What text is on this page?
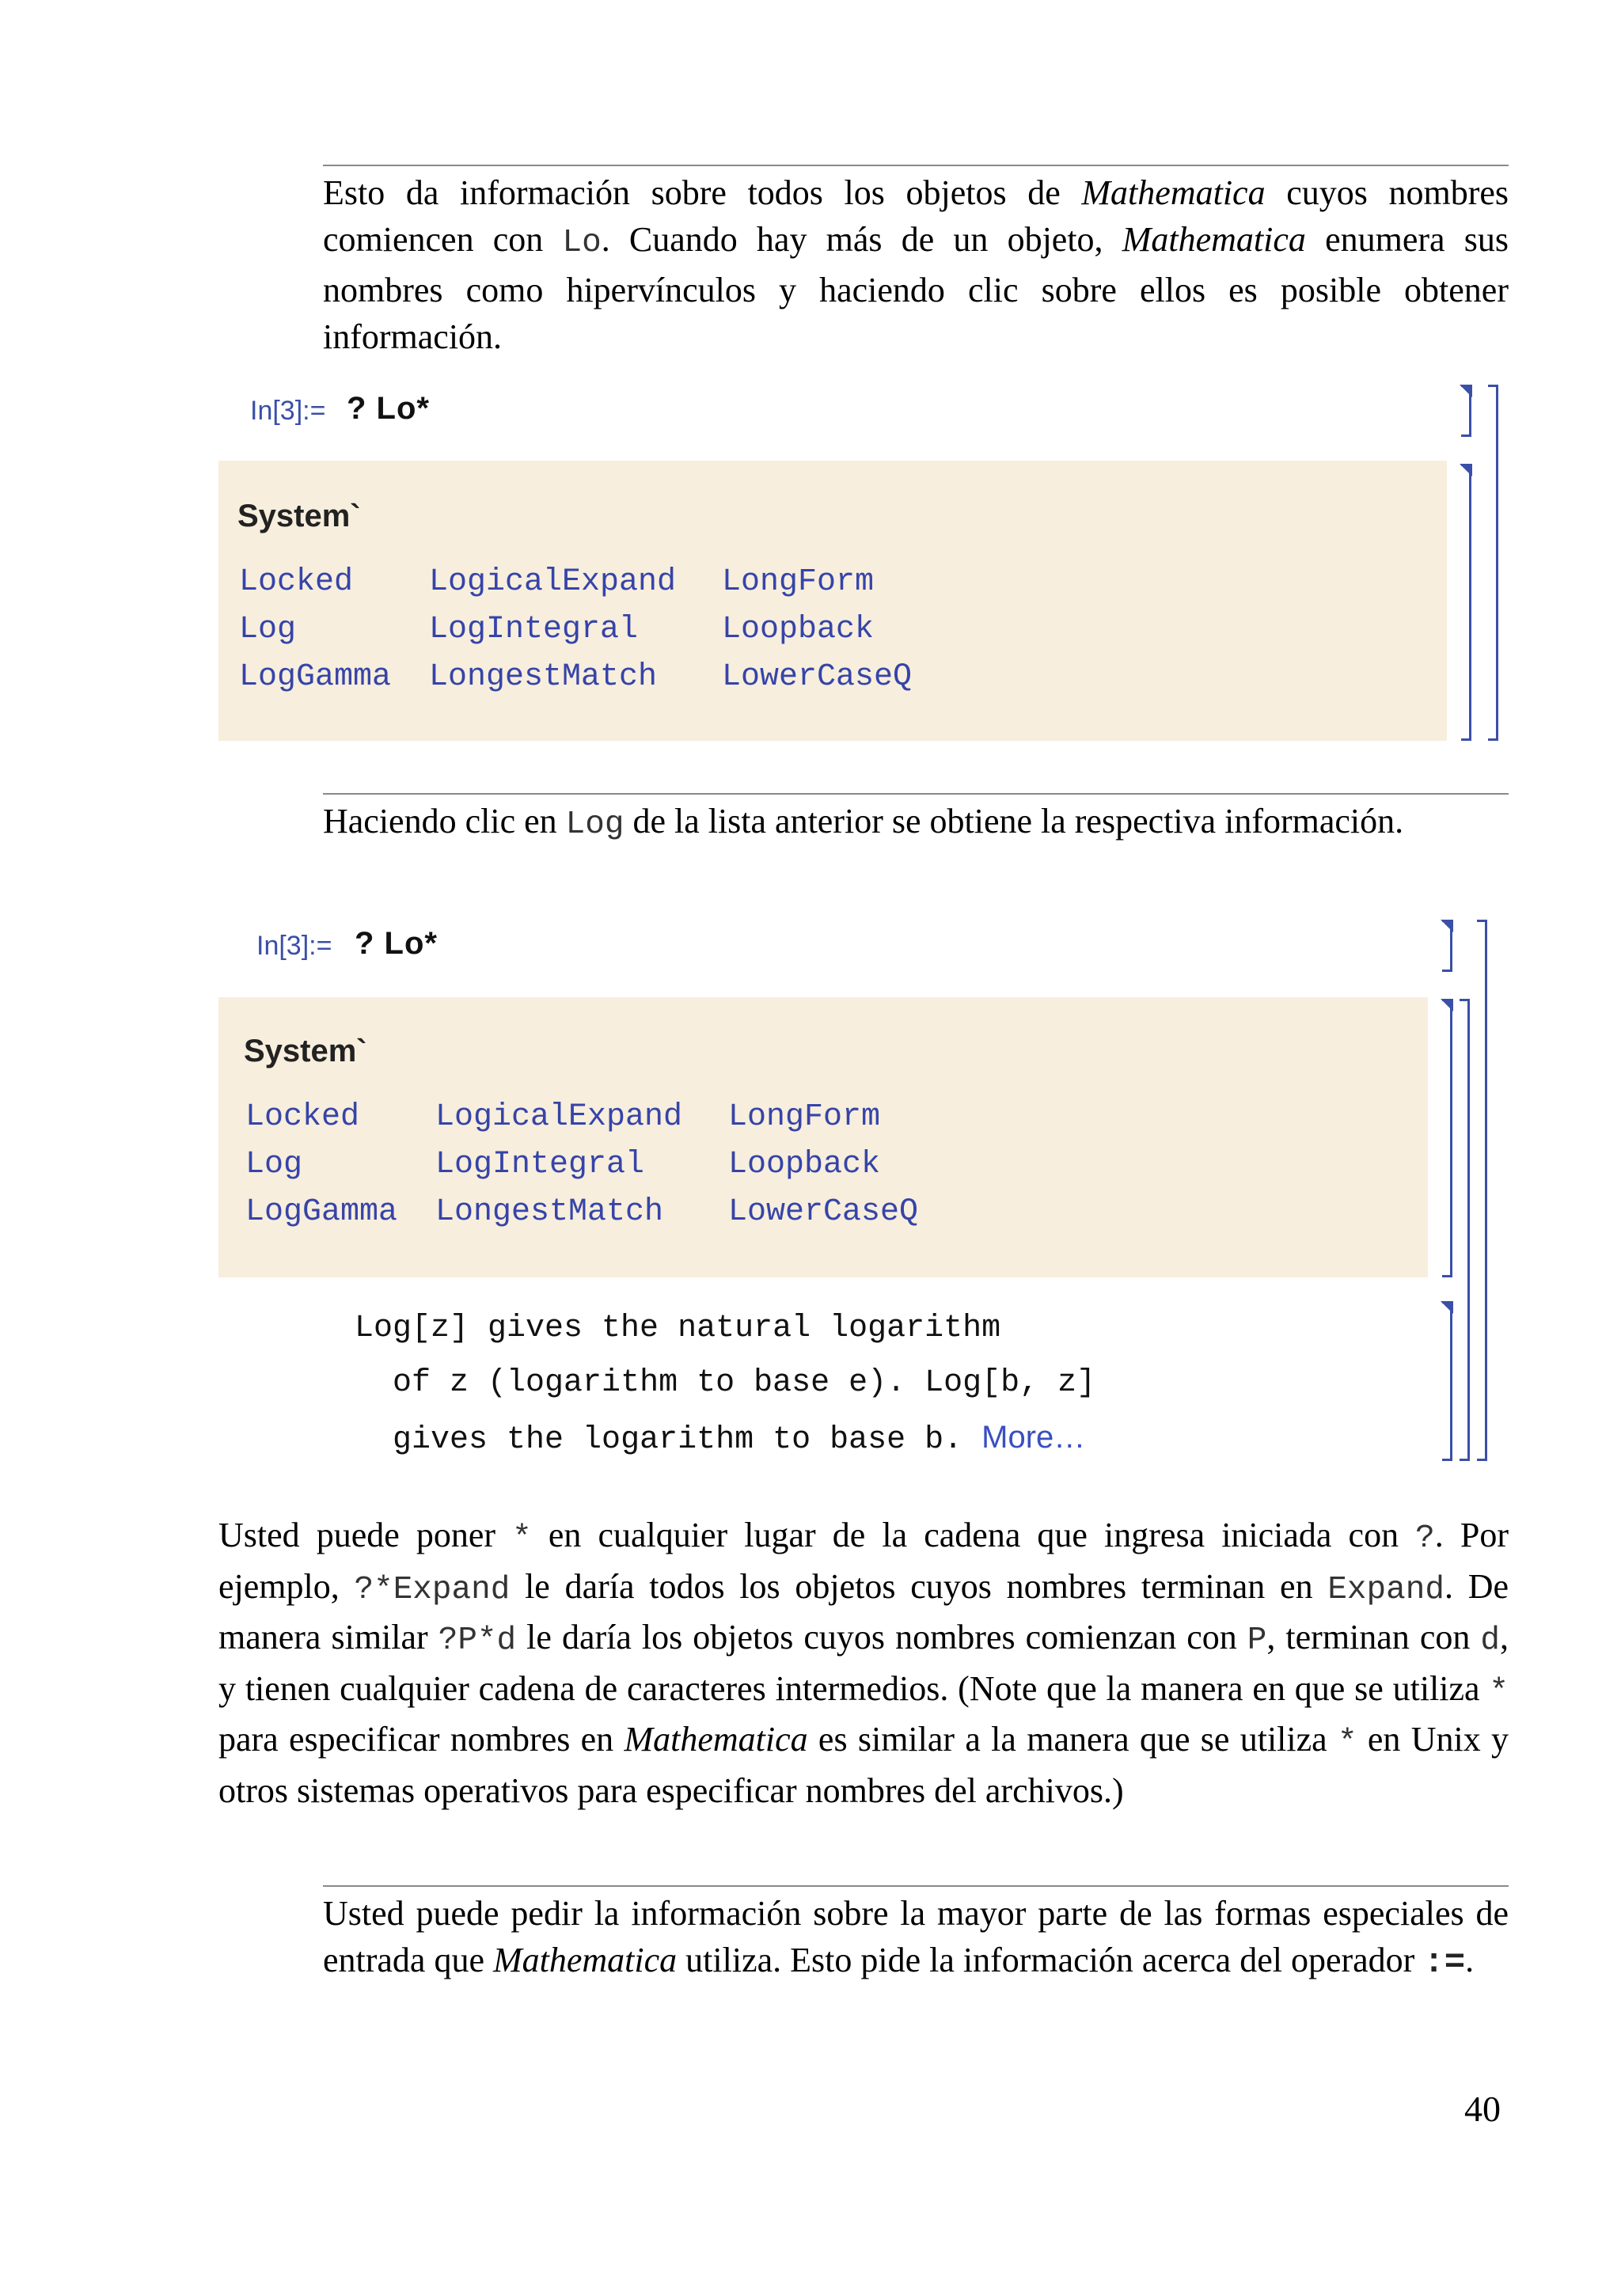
Esto da información sobre todos los objetos de Mathematica cuyos nombres comiencen con Lo. Cuando hay más de un objeto, Mathematica enumera sus nombres como hipervínculos y haciendo clic sobre ellos es posible obtener información.

In[3]:= ? Lo*
System`
Locked	LogicalExpand	LongForm
Log	LogIntegral	Loopback
LogGamma	LongestMatch	LowerCaseQ

Haciendo clic en Log de la lista anterior se obtiene la respectiva información.

In[3]:= ? Lo*
System`
Locked	LogicalExpand	LongForm
Log	LogIntegral	Loopback
LogGamma	LongestMatch	LowerCaseQ
Log[z] gives the natural logarithm
of z (logarithm to base e). Log[b, z]
gives the logarithm to base b. More…

Usted puede poner * en cualquier lugar de la cadena que ingresa iniciada con ?. Por ejemplo, ?*Expand le daría todos los objetos cuyos nombres terminan en Expand. De manera similar ?P*d le daría los objetos cuyos nombres comienzan con P, terminan con d, y tienen cualquier cadena de caracteres intermedios. (Note que la manera en que se utiliza * para especificar nombres en Mathematica es similar a la manera que se utiliza * en Unix y otros sistemas operativos para especificar nombres del archivos.)

Usted puede pedir la información sobre la mayor parte de las formas especiales de entrada que Mathematica utiliza. Esto pide la información acerca del operador :=.

40
